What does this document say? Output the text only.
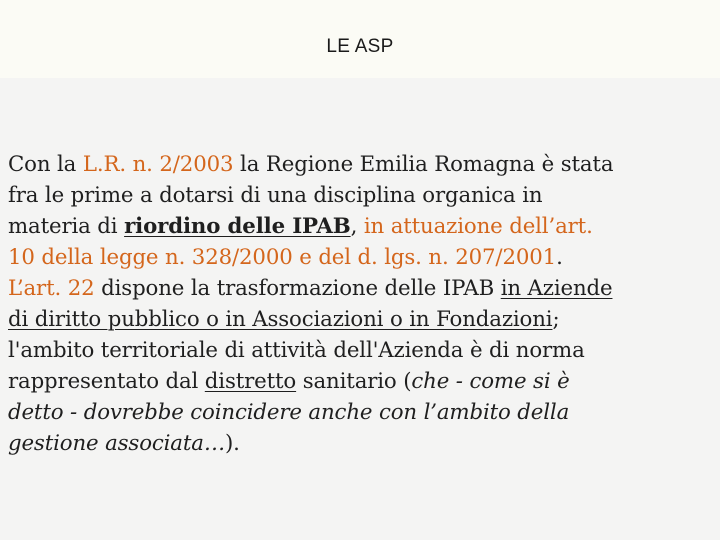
LE ASP
Con la L.R. n. 2/2003 la Regione Emilia Romagna è stata
fra le prime a dotarsi di una disciplina organica in
materia di riordino delle IPAB, in attuazione dell’art.
10 della legge n. 328/2000 e del d. lgs. n. 207/2001.
L’art. 22 dispone la trasformazione delle IPAB in Aziende
di diritto pubblico o in Associazioni o in Fondazioni;
l'ambito territoriale di attività dell'Azienda è di norma
rappresentato dal distretto sanitario (che - come si è
detto - dovrebbe coincidere anche con l’ambito della
gestione associata…).
